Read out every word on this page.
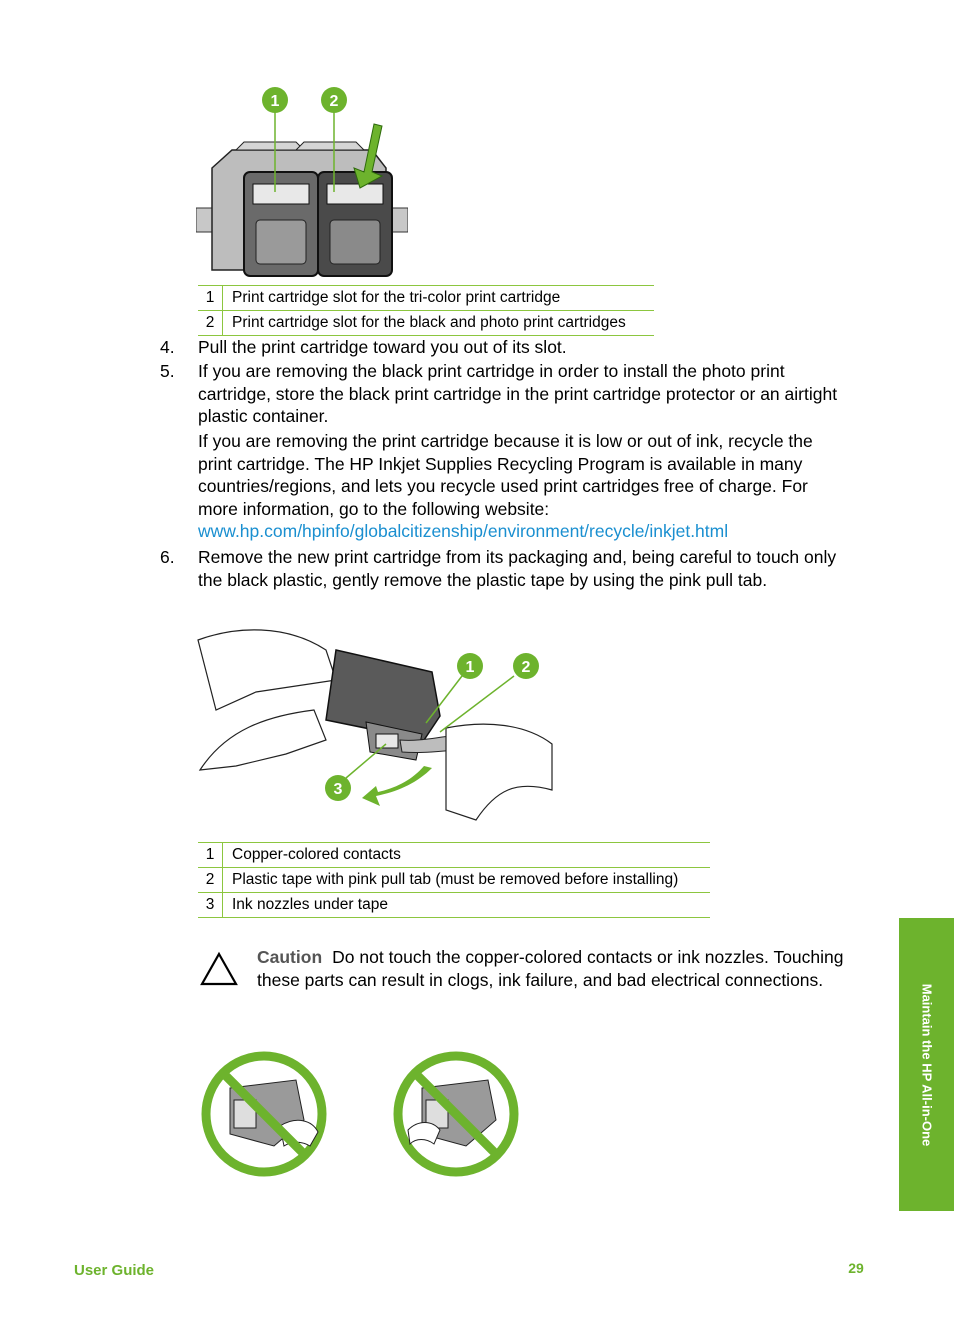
1	2
1	Print cartridge slot for the tri-color print cartridge
2	Print cartridge slot for the black and photo print cartridges
4.	Pull the print cartridge toward you out of its slot.
5.	If you are removing the black print cartridge in order to install the photo print cartridge, store the black print cartridge in the print cartridge protector or an airtight plastic container.
If you are removing the print cartridge because it is low or out of ink, recycle the print cartridge. The HP Inkjet Supplies Recycling Program is available in many countries/regions, and lets you recycle used print cartridges free of charge. For more information, go to the following website:
www.hp.com/hpinfo/globalcitizenship/environment/recycle/inkjet.html
6.	Remove the new print cartridge from its packaging and, being careful to touch only the black plastic, gently remove the plastic tape by using the pink pull tab.
1	2
3
1	Copper-colored contacts
2	Plastic tape with pink pull tab (must be removed before installing)
3	Ink nozzles under tape
Caution Do not touch the copper-colored contacts or ink nozzles. Touching these parts can result in clogs, ink failure, and bad electrical connections.
Maintain the HP All-in-One
User Guide	29
